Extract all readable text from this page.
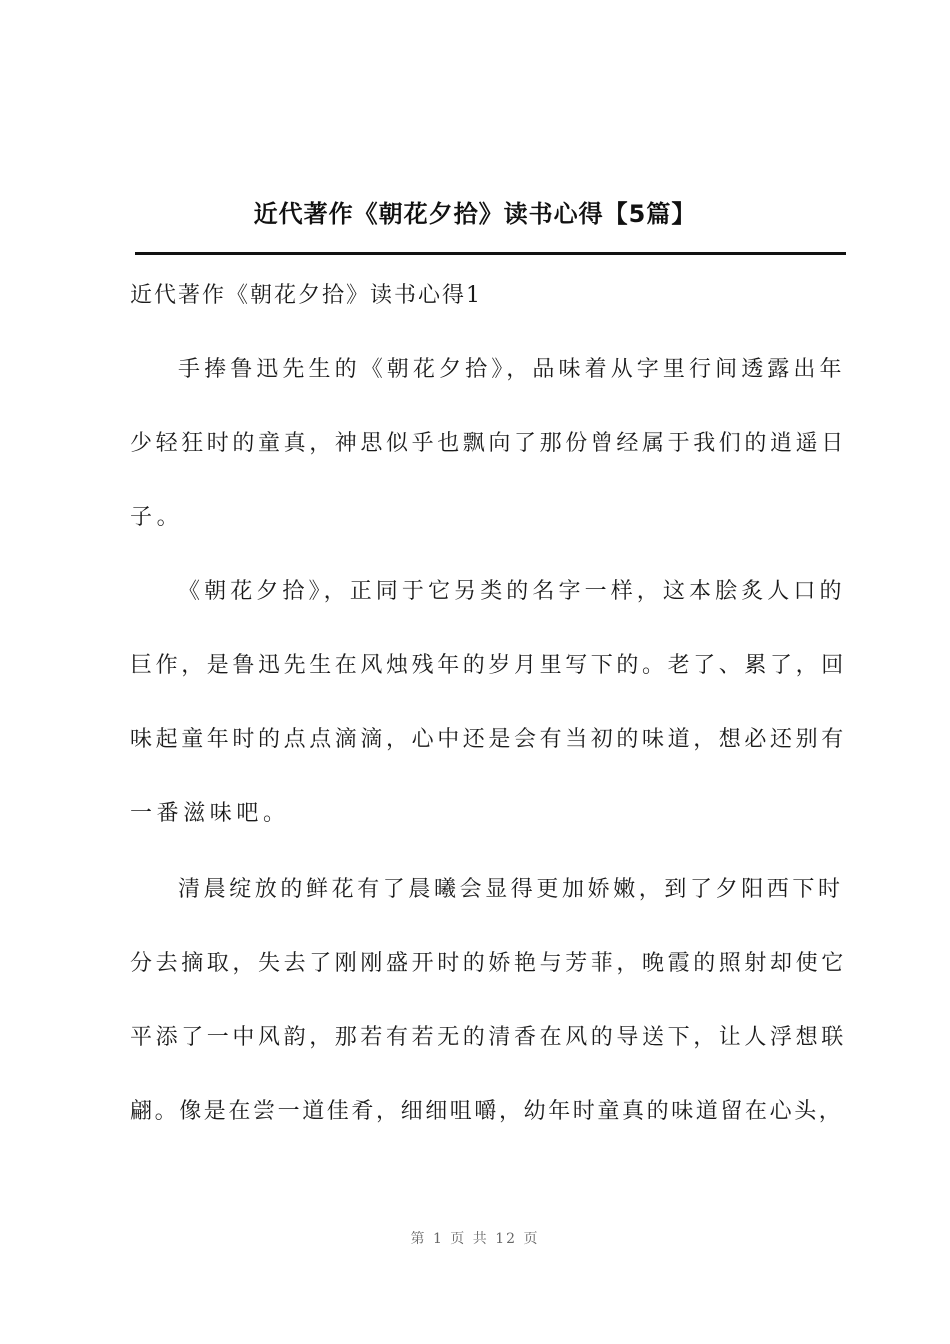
近代著作《朝花夕拾》读书心得【5篇】
近代著作《朝花夕拾》读书心得1
手捧鲁迅先生的《朝花夕拾》，品味着从字里行间透露出年
少轻狂时的童真，神思似乎也飘向了那份曾经属于我们的逍遥日
子。
《朝花夕拾》，正同于它另类的名字一样，这本脍炙人口的
巨作，是鲁迅先生在风烛残年的岁月里写下的。老了、累了，回
味起童年时的点点滴滴，心中还是会有当初的味道，想必还别有
一番滋味吧。
清晨绽放的鲜花有了晨曦会显得更加娇嫩，到了夕阳西下时
分去摘取，失去了刚刚盛开时的娇艳与芳菲，晚霞的照射却使它
平添了一中风韵，那若有若无的清香在风的导送下，让人浮想联
翩。像是在尝一道佳肴，细细咀嚼，幼年时童真的味道留在心头，
第 1 页 共 12 页
